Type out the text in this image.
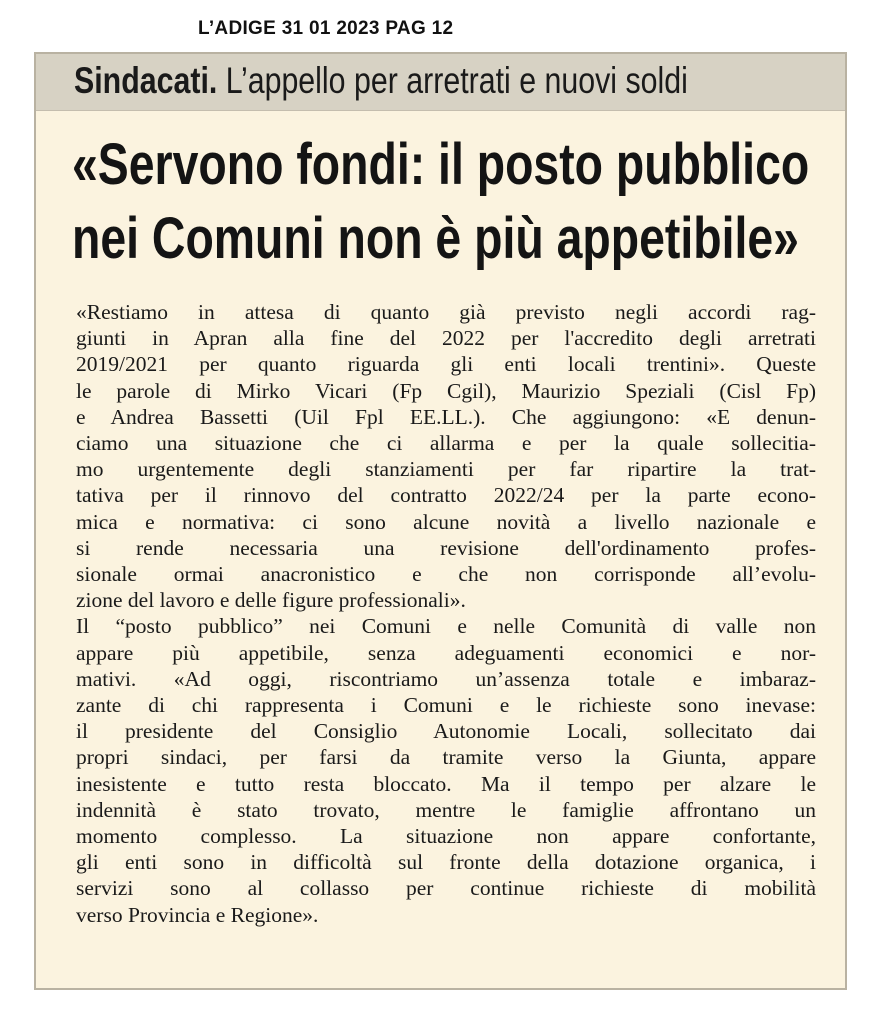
L’ADIGE 31 01 2023 PAG 12
Sindacati. L’appello per arretrati e nuovi soldi
«Servono fondi: il posto pubblico
nei Comuni non è più appetibile»
«Restiamo in attesa di quanto già previsto negli accordi rag-
giunti in Apran alla fine del 2022 per l'accredito degli arretrati
2019/2021 per quanto riguarda gli enti locali trentini». Queste
le parole di Mirko Vicari (Fp Cgil), Maurizio Speziali (Cisl Fp)
e Andrea Bassetti (Uil Fpl EE.LL.). Che aggiungono: «E denun-
ciamo una situazione che ci allarma e per la quale sollecitia-
mo urgentemente degli stanziamenti per far ripartire la trat-
tativa per il rinnovo del contratto 2022/24 per la parte econo-
mica e normativa: ci sono alcune novità a livello nazionale e
si rende necessaria una revisione dell'ordinamento profes-
sionale ormai anacronistico e che non corrisponde all’evolu-
zione del lavoro e delle figure professionali».
Il “posto pubblico” nei Comuni e nelle Comunità di valle non
appare più appetibile, senza adeguamenti economici e nor-
mativi. «Ad oggi, riscontriamo un’assenza totale e imbaraz-
zante di chi rappresenta i Comuni e le richieste sono inevase:
il presidente del Consiglio Autonomie Locali, sollecitato dai
propri sindaci, per farsi da tramite verso la Giunta, appare
inesistente e tutto resta bloccato. Ma il tempo per alzare le
indennità è stato trovato, mentre le famiglie affrontano un
momento complesso. La situazione non appare confortante,
gli enti sono in difficoltà sul fronte della dotazione organica, i
servizi sono al collasso per continue richieste di mobilità
verso Provincia e Regione».
